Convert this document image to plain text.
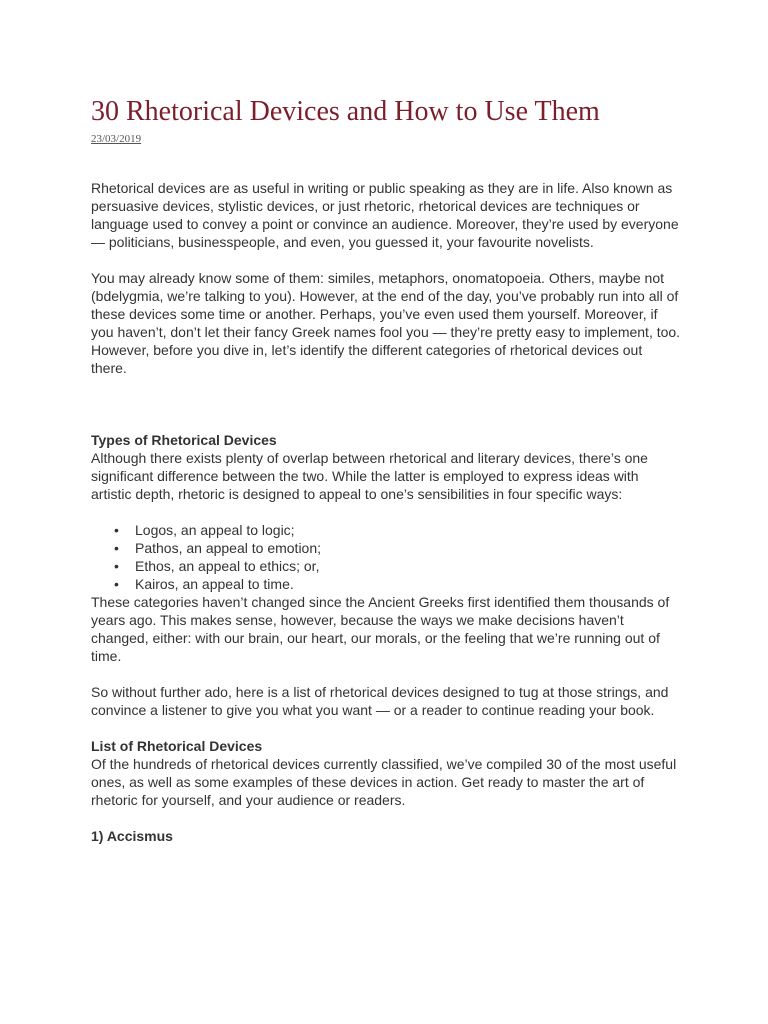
30 Rhetorical Devices and How to Use Them
23/03/2019

Rhetorical devices are as useful in writing or public speaking as they are in life. Also known as persuasive devices, stylistic devices, or just rhetoric, rhetorical devices are techniques or language used to convey a point or convince an audience. Moreover, they’re used by everyone — politicians, businesspeople, and even, you guessed it, your favourite novelists.

You may already know some of them: similes, metaphors, onomatopoeia. Others, maybe not (bdelygmia, we’re talking to you). However, at the end of the day, you’ve probably run into all of these devices some time or another. Perhaps, you’ve even used them yourself. Moreover, if you haven’t, don’t let their fancy Greek names fool you — they’re pretty easy to implement, too. However, before you dive in, let’s identify the different categories of rhetorical devices out there.

Types of Rhetorical Devices

Although there exists plenty of overlap between rhetorical and literary devices, there’s one significant difference between the two. While the latter is employed to express ideas with artistic depth, rhetoric is designed to appeal to one’s sensibilities in four specific ways:

• Logos, an appeal to logic;
• Pathos, an appeal to emotion;
• Ethos, an appeal to ethics; or,
• Kairos, an appeal to time.

These categories haven’t changed since the Ancient Greeks first identified them thousands of years ago. This makes sense, however, because the ways we make decisions haven’t changed, either: with our brain, our heart, our morals, or the feeling that we’re running out of time.

So without further ado, here is a list of rhetorical devices designed to tug at those strings, and convince a listener to give you what you want — or a reader to continue reading your book.

List of Rhetorical Devices

Of the hundreds of rhetorical devices currently classified, we’ve compiled 30 of the most useful ones, as well as some examples of these devices in action. Get ready to master the art of rhetoric for yourself, and your audience or readers.

1) Accismus
